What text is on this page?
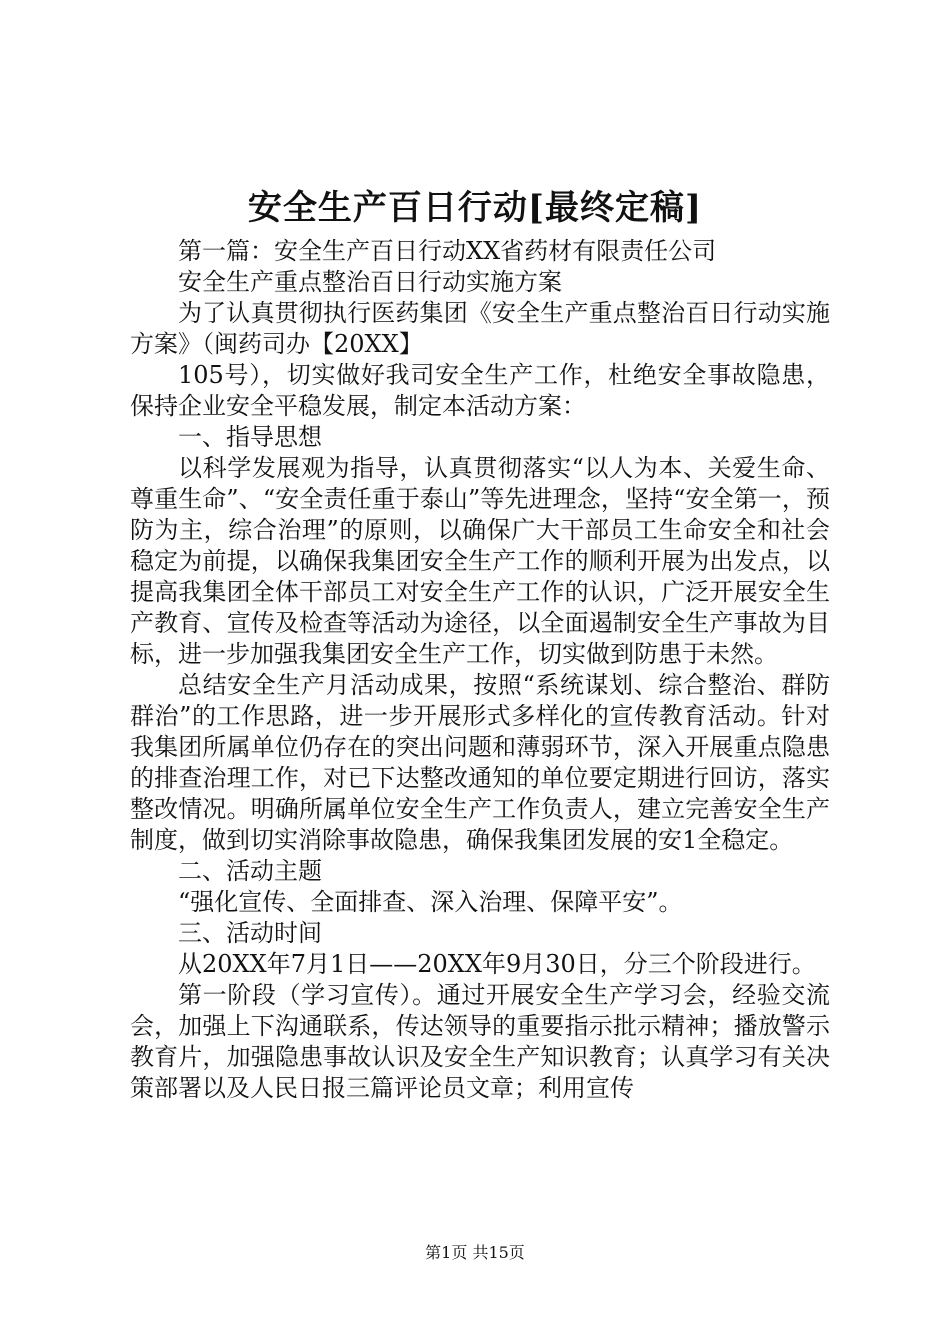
安全生产百日行动[最终定稿]

第一篇：安全生产百日行动XX省药材有限责任公司

安全生产重点整治百日行动实施方案

为了认真贯彻执行医药集团《安全生产重点整治百日行动实施方案》（闽药司办【20XX】

105号），切实做好我司安全生产工作，杜绝安全事故隐患，保持企业安全平稳发展，制定本活动方案：

一、指导思想

以科学发展观为指导，认真贯彻落实“以人为本、关爱生命、尊重生命”、“安全责任重于泰山”等先进理念，坚持“安全第一，预防为主，综合治理”的原则，以确保广大干部员工生命安全和社会稳定为前提，以确保我集团安全生产工作的顺利开展为出发点，以提高我集团全体干部员工对安全生产工作的认识，广泛开展安全生产教育、宣传及检查等活动为途径，以全面遏制安全生产事故为目标，进一步加强我集团安全生产工作，切实做到防患于未然。

总结安全生产月活动成果，按照“系统谋划、综合整治、群防群治”的工作思路，进一步开展形式多样化的宣传教育活动。针对我集团所属单位仍存在的突出问题和薄弱环节，深入开展重点隐患的排查治理工作，对已下达整改通知的单位要定期进行回访，落实整改情况。明确所属单位安全生产工作负责人，建立完善安全生产制度，做到切实消除事故隐患，确保我集团发展的安1全稳定。

二、活动主题

“强化宣传、全面排查、深入治理、保障平安”。

三、活动时间

从20XX年7月1日——20XX年9月30日，分三个阶段进行。

第一阶段（学习宣传）。通过开展安全生产学习会，经验交流会，加强上下沟通联系，传达领导的重要指示批示精神；播放警示教育片，加强隐患事故认识及安全生产知识教育；认真学习有关决策部署以及人民日报三篇评论员文章；利用宣传

第1页 共15页
